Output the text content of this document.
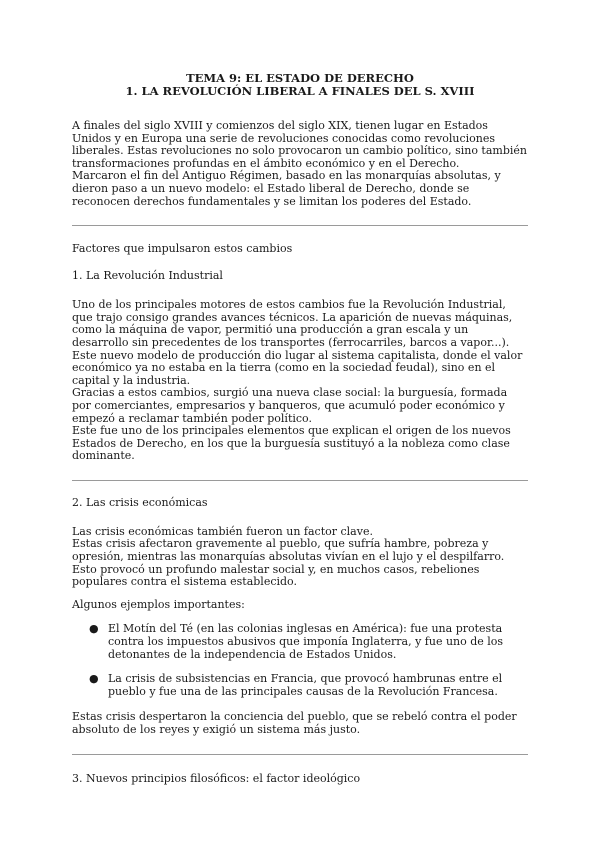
TEMA 9: EL ESTADO DE DERECHO
1. LA REVOLUCIÓN LIBERAL A FINALES DEL S. XVIII

A finales del siglo XVIII y comienzos del siglo XIX, tienen lugar en Estados Unidos y en Europa una serie de revoluciones conocidas como revoluciones liberales. Estas revoluciones no solo provocaron un cambio político, sino también transformaciones profundas en el ámbito económico y en el Derecho.

Marcaron el fin del Antiguo Régimen, basado en las monarquías absolutas, y dieron paso a un nuevo modelo: el Estado liberal de Derecho, donde se reconocen derechos fundamentales y se limitan los poderes del Estado.

Factores que impulsaron estos cambios

1. La Revolución Industrial

Uno de los principales motores de estos cambios fue la Revolución Industrial, que trajo consigo grandes avances técnicos. La aparición de nuevas máquinas, como la máquina de vapor, permitió una producción a gran escala y un desarrollo sin precedentes de los transportes (ferrocarriles, barcos a vapor...).

Este nuevo modelo de producción dio lugar al sistema capitalista, donde el valor económico ya no estaba en la tierra (como en la sociedad feudal), sino en el capital y la industria.

Gracias a estos cambios, surgió una nueva clase social: la burguesía, formada por comerciantes, empresarios y banqueros, que acumuló poder económico y empezó a reclamar también poder político.

Este fue uno de los principales elementos que explican el origen de los nuevos Estados de Derecho, en los que la burguesía sustituyó a la nobleza como clase dominante.

2. Las crisis económicas

Las crisis económicas también fueron un factor clave.

Estas crisis afectaron gravemente al pueblo, que sufría hambre, pobreza y opresión, mientras las monarquías absolutas vivían en el lujo y el despilfarro.

Esto provocó un profundo malestar social y, en muchos casos, rebeliones populares contra el sistema establecido.

Algunos ejemplos importantes:

● El Motín del Té (en las colonias inglesas en América): fue una protesta contra los impuestos abusivos que imponía Inglaterra, y fue uno de los detonantes de la independencia de Estados Unidos.
● La crisis de subsistencias en Francia, que provocó hambrunas entre el pueblo y fue una de las principales causas de la Revolución Francesa.

Estas crisis despertaron la conciencia del pueblo, que se rebeló contra el poder absoluto de los reyes y exigió un sistema más justo.

3. Nuevos principios filosóficos: el factor ideológico
